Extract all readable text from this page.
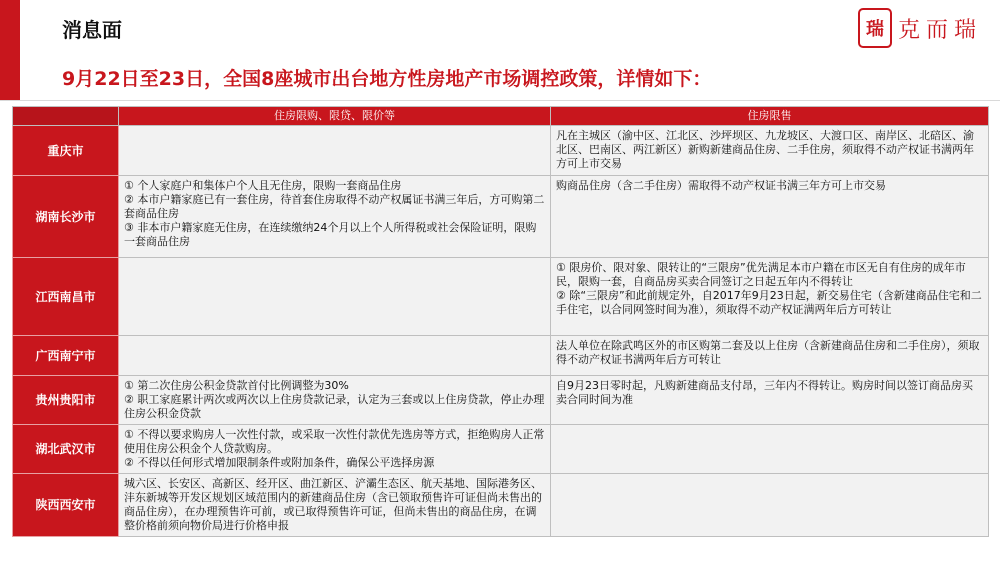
消息面	瑞 克而瑞
9月22日至23日，全国8座城市出台地方性房地产市场调控政策，详情如下：
	住房限购、限贷、限价等	住房限售
重庆市		凡在主城区（渝中区、江北区、沙坪坝区、九龙坡区、大渡口区、南岸区、北碚区、渝北区、巴南区、两江新区）新购新建商品住房、二手住房，须取得不动产权证书满两年方可上市交易

湖南长沙市	① 个人家庭户和集体户个人且无住房，限购一套商品住房
② 本市户籍家庭已有一套住房，待首套住房取得不动产权属证书满三年后，方可购第二套商品住房
③ 非本市户籍家庭无住房，在连续缴纳24个月以上个人所得税或社会保险证明，限购一套商品住房	购商品住房（含二手住房）需取得不动产权证书满三年方可上市交易

江西南昌市		① 限房价、限对象、限转让的“三限房”优先满足本市户籍在市区无自有住房的成年市民，限购一套，自商品房买卖合同签订之日起五年内不得转让
② 除“三限房”和此前规定外，自2017年9月23日起，新交易住宅（含新建商品住宅和二手住宅，以合同网签时间为准），须取得不动产权证满两年后方可转让

广西南宁市		法人单位在除武鸣区外的市区购第二套及以上住房（含新建商品住房和二手住房），须取得不动产权证书满两年后方可转让

贵州贵阳市	① 第二次住房公积金贷款首付比例调整为30%
② 职工家庭累计两次或两次以上住房贷款记录，认定为三套或以上住房贷款，停止办理住房公积金贷款	自9月23日零时起，凡购新建商品支付昂，三年内不得转让。购房时间以签订商品房买卖合同时间为准

湖北武汉市	① 不得以要求购房人一次性付款，或采取一次性付款优先选房等方式，拒绝购房人正常使用住房公积金个人贷款购房。
② 不得以任何形式增加限制条件或附加条件，确保公平选择房源	

陕西西安市	城六区、长安区、高新区、经开区、曲江新区、浐灞生态区、航天基地、国际港务区、沣东新城等开发区规划区域范围内的新建商品住房（含已领取预售许可证但尚未售出的商品住房），在办理预售许可前，或已取得预售许可证，但尚未售出的商品住房，在调整价格前须向物价局进行价格申报	
